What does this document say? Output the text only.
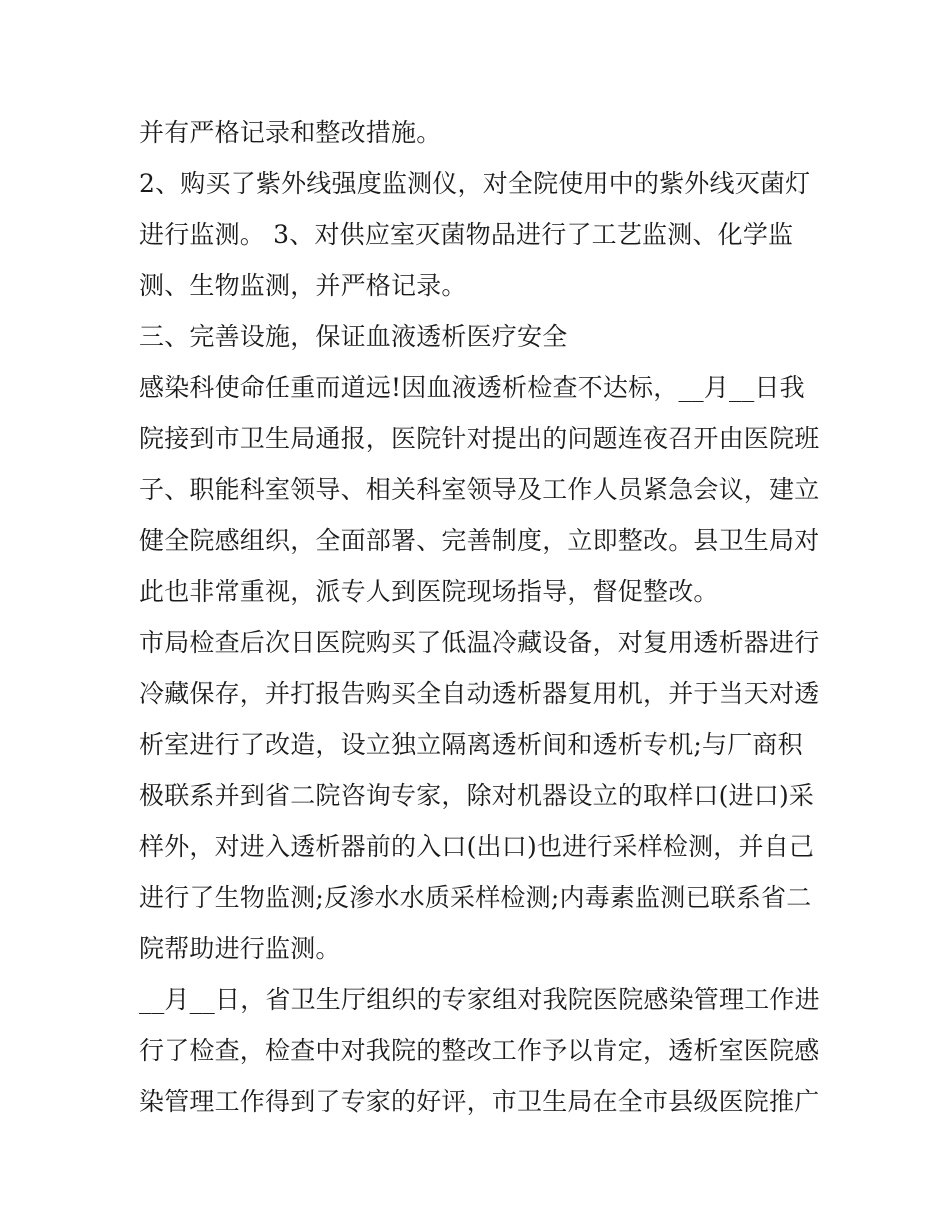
并有严格记录和整改措施。
2、购买了紫外线强度监测仪，对全院使用中的紫外线灭菌灯
进行监测。 3、对供应室灭菌物品进行了工艺监测、化学监
测、生物监测，并严格记录。
三、完善设施，保证血液透析医疗安全
感染科使命任重而道远!因血液透析检查不达标，__月__日我
院接到市卫生局通报，医院针对提出的问题连夜召开由医院班
子、职能科室领导、相关科室领导及工作人员紧急会议，建立
健全院感组织，全面部署、完善制度，立即整改。县卫生局对
此也非常重视，派专人到医院现场指导，督促整改。
市局检查后次日医院购买了低温冷藏设备，对复用透析器进行
冷藏保存，并打报告购买全自动透析器复用机，并于当天对透
析室进行了改造，设立独立隔离透析间和透析专机;与厂商积
极联系并到省二院咨询专家，除对机器设立的取样口(进口)采
样外，对进入透析器前的入口(出口)也进行采样检测，并自己
进行了生物监测;反渗水水质采样检测;内毒素监测已联系省二
院帮助进行监测。
__月__日，省卫生厅组织的专家组对我院医院感染管理工作进
行了检查，检查中对我院的整改工作予以肯定，透析室医院感
染管理工作得到了专家的好评，市卫生局在全市县级医院推广
